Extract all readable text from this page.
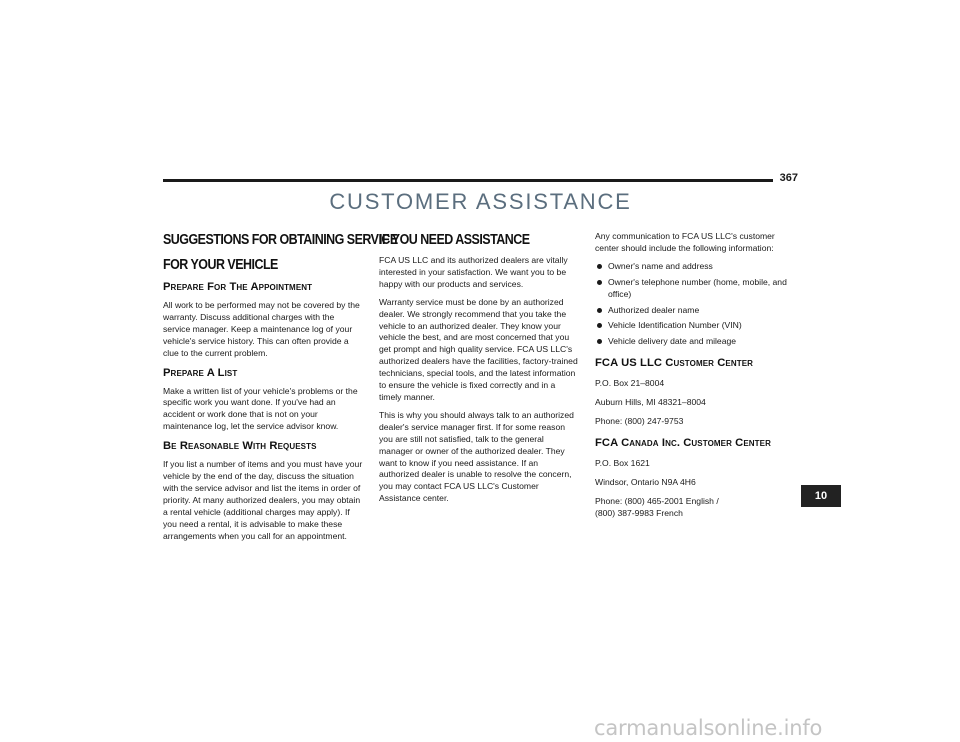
367
CUSTOMER ASSISTANCE
SUGGESTIONS FOR OBTAINING SERVICE
FOR YOUR VEHICLE
Prepare For The Appointment

All work to be performed may not be covered by the warranty. Discuss additional charges with the service manager. Keep a maintenance log of your vehicle's service history. This can often provide a clue to the current problem.

Prepare A List

Make a written list of your vehicle's problems or the specific work you want done. If you've had an accident or work done that is not on your maintenance log, let the service advisor know.

Be Reasonable With Requests

If you list a number of items and you must have your vehicle by the end of the day, discuss the situation with the service advisor and list the items in order of priority. At many authorized dealers, you may obtain a rental vehicle (additional charges may apply). If you need a rental, it is advisable to make these arrangements when you call for an appointment.

IF YOU NEED ASSISTANCE

FCA US LLC and its authorized dealers are vitally interested in your satisfaction. We want you to be happy with our products and services.

Warranty service must be done by an authorized dealer. We strongly recommend that you take the vehicle to an authorized dealer. They know your vehicle the best, and are most concerned that you get prompt and high quality service. FCA US LLC's authorized dealers have the facilities, factory-trained technicians, special tools, and the latest information to ensure the vehicle is fixed correctly and in a timely manner.

This is why you should always talk to an authorized dealer's service manager first. If for some reason you are still not satisfied, talk to the general manager or owner of the authorized dealer. They want to know if you need assistance. If an authorized dealer is unable to resolve the concern, you may contact FCA US LLC's Customer Assistance center.

Any communication to FCA US LLC's customer center should include the following information:

Owner's name and address
Owner's telephone number (home, mobile, and office)
Authorized dealer name
Vehicle Identification Number (VIN)
Vehicle delivery date and mileage
FCA US LLC Customer Center

P.O. Box 21–8004

Auburn Hills, MI 48321–8004

Phone: (800) 247-9753

FCA Canada Inc. Customer Center

P.O. Box 1621

Windsor, Ontario N9A 4H6

Phone: (800) 465-2001 English /
(800) 387-9983 French

10
carmanualsonline.info
